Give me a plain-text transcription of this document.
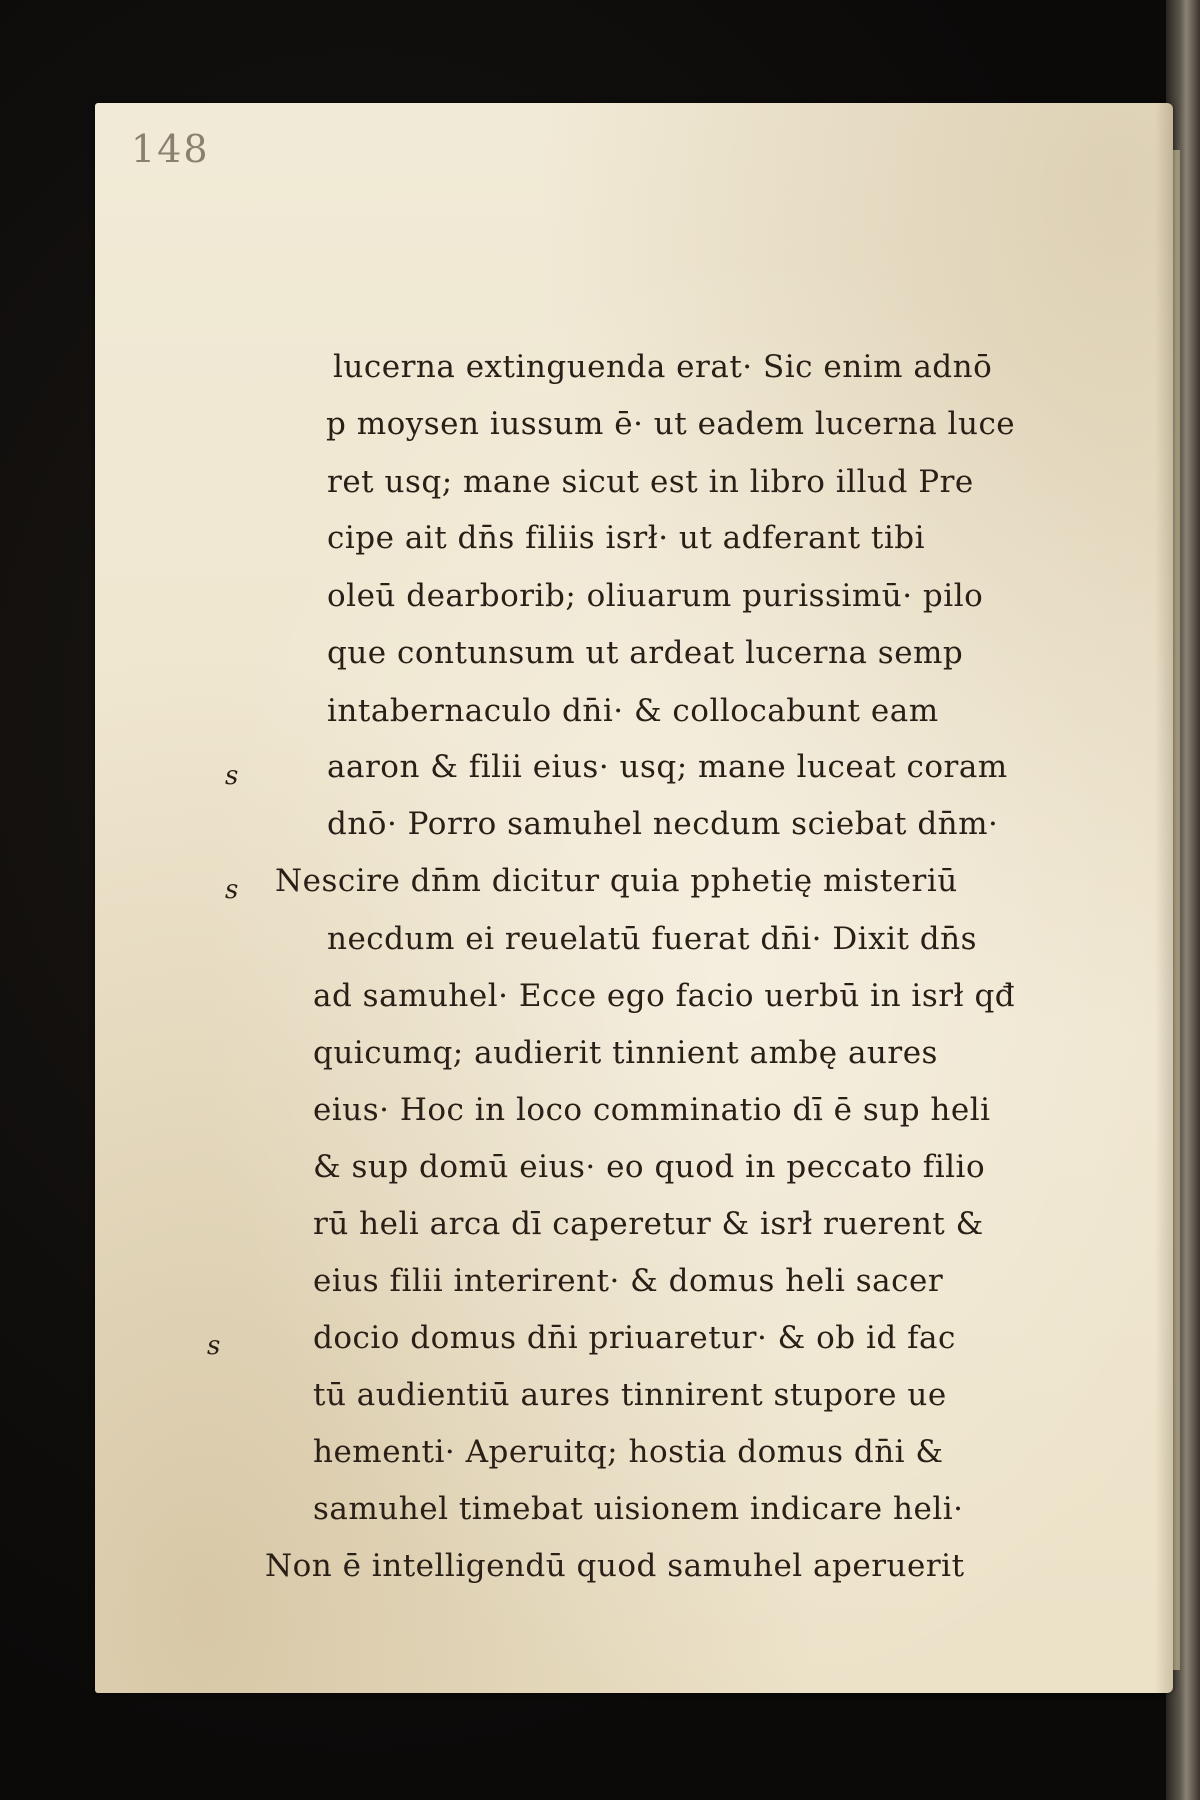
148
lucerna extinguenda erat· Sic enim adnō
p moysen iussum ē· ut eadem lucerna luce
ret usq; mane sicut est in libro illud Pre
cipe ait dn̄s filiis isrł· ut adferant tibi
oleū dearborib; oliuarum purissimū· pilo
que contunsum ut ardeat lucerna semp
intabernaculo dn̄i· & collocabunt eam
aaron & filii eius· usq; mane luceat coram
dnō· Porro samuhel necdum sciebat dn̄m·
Nescire dn̄m dicitur quia pphetię misteriū
necdum ei reuelatū fuerat dn̄i· Dixit dn̄s
ad samuhel· Ecce ego facio uerbū in isrł qđ
quicumq; audierit tinnient ambę aures
eius· Hoc in loco comminatio dī ē sup heli
& sup domū eius· eo quod in peccato filio
rū heli arca dī caperetur & isrł ruerent &
eius filii interirent· & domus heli sacer
docio domus dn̄i priuaretur· & ob id fac
tū audientiū aures tinnirent stupore ue
hementi· Aperuitq; hostia domus dn̄i &
samuhel timebat uisionem indicare heli·
Non ē intelligendū quod samuhel aperuerit
s
s
s
